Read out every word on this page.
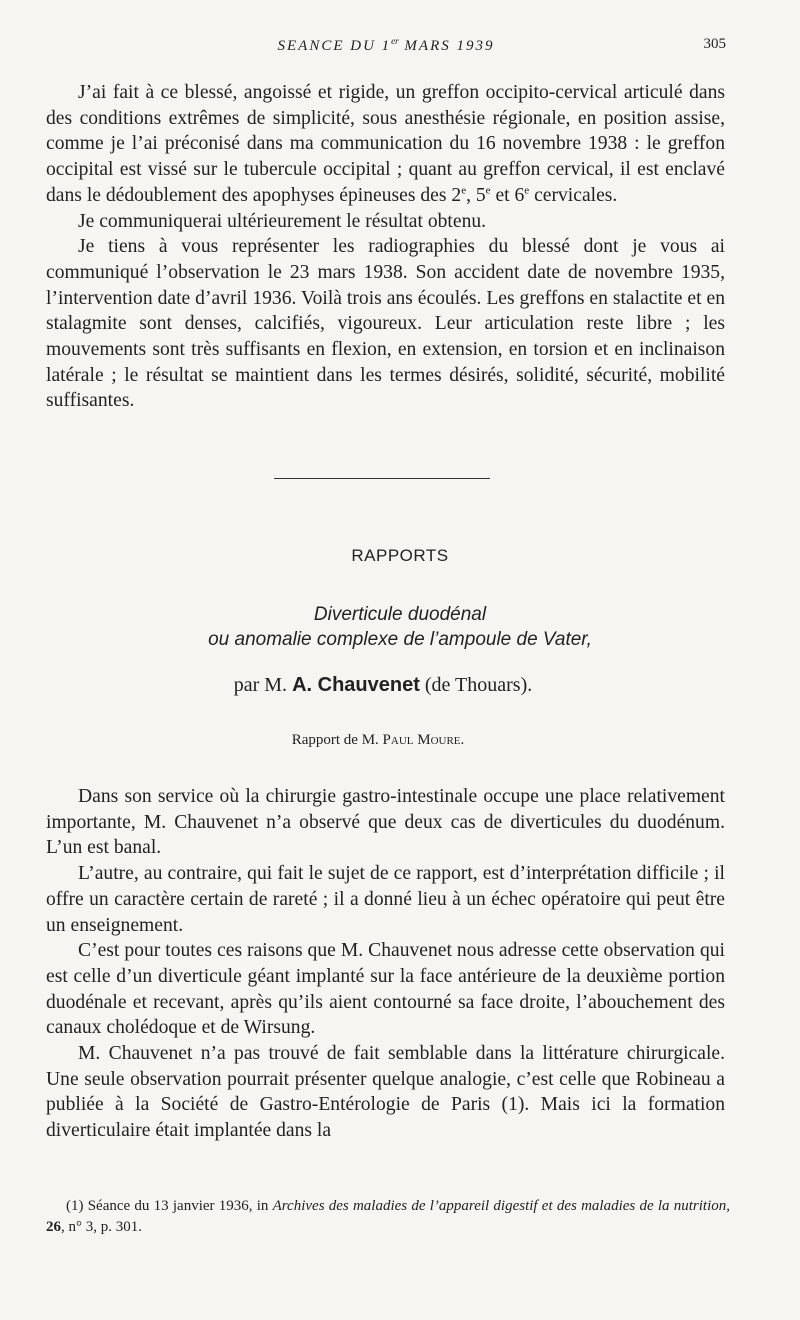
SEANCE DU 1er MARS 1939	305

J’ai fait à ce blessé, angoissé et rigide, un greffon occipito-cervical articulé dans des conditions extrêmes de simplicité, sous anesthésie régionale, en position assise, comme je l’ai préconisé dans ma communication du 16 novembre 1938 : le greffon occipital est vissé sur le tubercule occipital ; quant au greffon cervical, il est enclavé dans le dédoublement des apophyses épineuses des 2e, 5e et 6e cervicales.

Je communiquerai ultérieurement le résultat obtenu.

Je tiens à vous représenter les radiographies du blessé dont je vous ai communiqué l’observation le 23 mars 1938. Son accident date de novembre 1935, l’intervention date d’avril 1936. Voilà trois ans écoulés. Les greffons en stalactite et en stalagmite sont denses, calcifiés, vigoureux. Leur articulation reste libre ; les mouvements sont très suffisants en flexion, en extension, en torsion et en inclinaison latérale ; le résultat se maintient dans les termes désirés, solidité, sécurité, mobilité suffisantes.

RAPPORTS
Diverticule duodénal
ou anomalie complexe de l’ampoule de Vater,
par M. A. Chauvenet (de Thouars).
Rapport de M. Paul Moure.

Dans son service où la chirurgie gastro-intestinale occupe une place relativement importante, M. Chauvenet n’a observé que deux cas de diverticules du duodénum. L’un est banal.

L’autre, au contraire, qui fait le sujet de ce rapport, est d’interprétation difficile ; il offre un caractère certain de rareté ; il a donné lieu à un échec opératoire qui peut être un enseignement.

C’est pour toutes ces raisons que M. Chauvenet nous adresse cette observation qui est celle d’un diverticule géant implanté sur la face antérieure de la deuxième portion duodénale et recevant, après qu’ils aient contourné sa face droite, l’abouchement des canaux cholédoque et de Wirsung.

M. Chauvenet n’a pas trouvé de fait semblable dans la littérature chirurgicale. Une seule observation pourrait présenter quelque analogie, c’est celle que Robineau a publiée à la Société de Gastro-Entérologie de Paris (1). Mais ici la formation diverticulaire était implantée dans la

(1) Séance du 13 janvier 1936, in Archives des maladies de l’appareil digestif et des maladies de la nutrition, 26, n° 3, p. 301.
